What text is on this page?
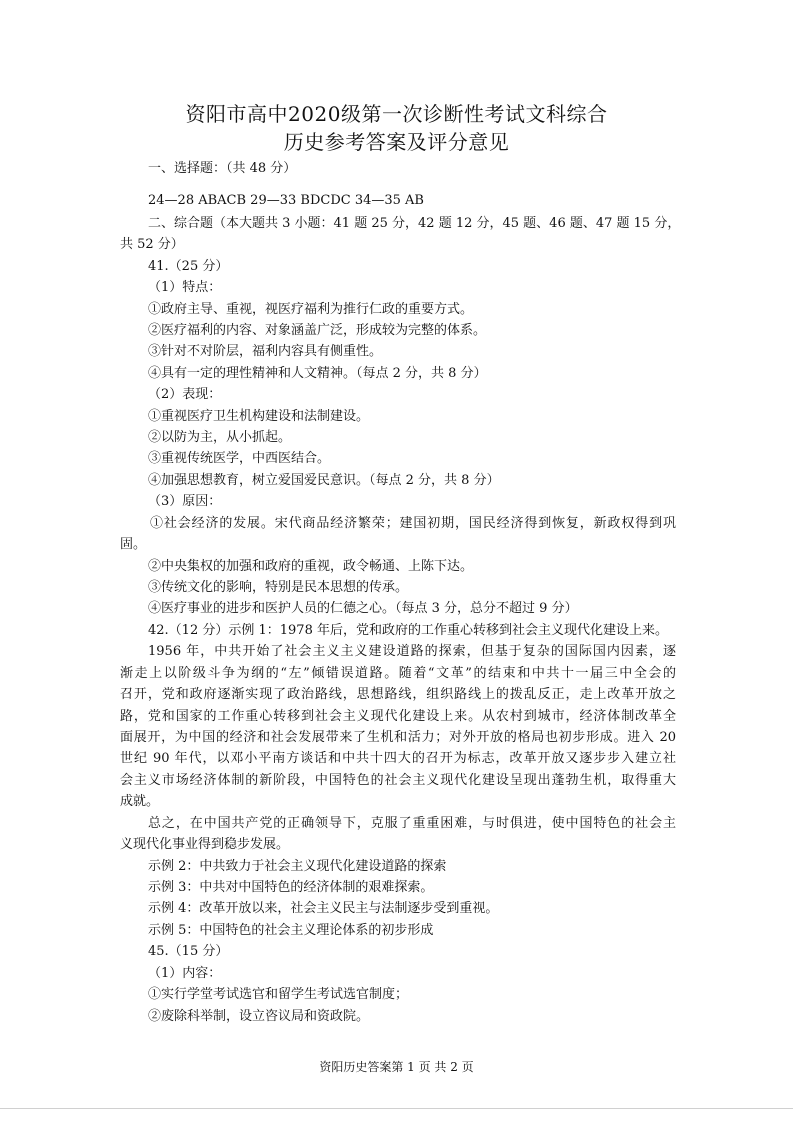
资阳市高中2020级第一次诊断性考试文科综合
历史参考答案及评分意见
一、选择题：（共 48 分）
24—28 ABACB 29—33 BDCDC 34—35 AB
二、综合题（本大题共 3 小题：41 题 25 分，42 题 12 分，45 题、46 题、47 题 15 分，
共 52 分）
41.（25 分）
（1）特点：
①政府主导、重视，视医疗福利为推行仁政的重要方式。
②医疗福利的内容、对象涵盖广泛，形成较为完整的体系。
③针对不对阶层，福利内容具有侧重性。
④具有一定的理性精神和人文精神。（每点 2 分，共 8 分）
（2）表现：
①重视医疗卫生机构建设和法制建设。
②以防为主，从小抓起。
③重视传统医学，中西医结合。
④加强思想教育，树立爱国爱民意识。（每点 2 分，共 8 分）
（3）原因：
①社会经济的发展。宋代商品经济繁荣；建国初期，国民经济得到恢复，新政权得到巩
固。
②中央集权的加强和政府的重视，政令畅通、上陈下达。
③传统文化的影响，特别是民本思想的传承。
④医疗事业的进步和医护人员的仁德之心。（每点 3 分，总分不超过 9 分）
42.（12 分）示例 1：1978 年后，党和政府的工作重心转移到社会主义现代化建设上来。
1956 年，中共开始了社会主义主义建设道路的探索，但基于复杂的国际国内因素，逐
渐走上以阶级斗争为纲的“左”倾错误道路。随着“文革”的结束和中共十一届三中全会的
召开，党和政府逐渐实现了政治路线，思想路线，组织路线上的拨乱反正，走上改革开放之
路，党和国家的工作重心转移到社会主义现代化建设上来。从农村到城市，经济体制改革全
面展开，为中国的经济和社会发展带来了生机和活力；对外开放的格局也初步形成。进入 20
世纪 90 年代，以邓小平南方谈话和中共十四大的召开为标志，改革开放又逐步步入建立社
会主义市场经济体制的新阶段，中国特色的社会主义现代化建设呈现出蓬勃生机，取得重大
成就。
总之，在中国共产党的正确领导下，克服了重重困难，与时俱进，使中国特色的社会主
义现代化事业得到稳步发展。
示例 2：中共致力于社会主义现代化建设道路的探索
示例 3：中共对中国特色的经济体制的艰难探索。
示例 4：改革开放以来，社会主义民主与法制逐步受到重视。
示例 5：中国特色的社会主义理论体系的初步形成
45.（15 分）
（1）内容：
①实行学堂考试选官和留学生考试选官制度；
②废除科举制，设立咨议局和资政院。
资阳历史答案第 1 页 共 2 页
